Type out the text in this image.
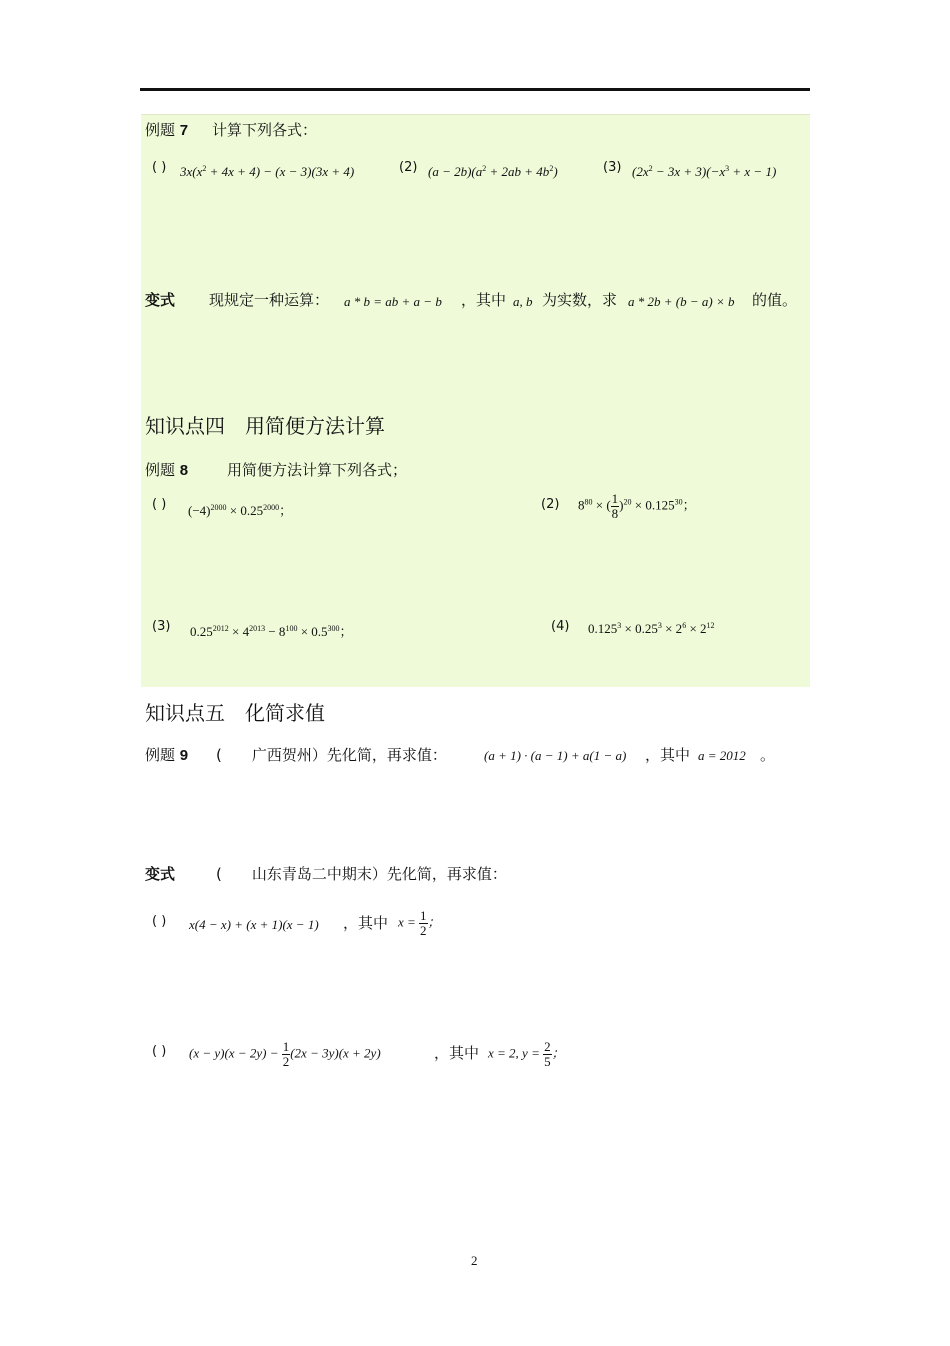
例题 7 计算下列各式：
( ) $3x(x^2 + 4x + 4) - (x - 3)(3x + 4)$	(2) $(a - 2b)(a^2 + 2ab + 4b^2)$	(3) $(2x^2 - 3x + 3)(-x^3 + x - 1)$
变式 现规定一种运算： a * b = ab + a − b ，其中 a, b 为实数，求 a * 2b + (b − a) × b 的值。
知识点四　用简便方法计算
例题 8	用简便方法计算下列各式；
( ) $(-4)^{2000} \times 0.25^{2000}$；	(2) $8^{80}$ × ( $\frac{1}{8} )^{20} \times 0.125^{30}$；
(3) $0.25^{2012} \times 4^{2013} - 8^{100} \times 0.5^{300}$；	(4) $0.125^3 \times 0.25^3 \times 2^6 \times 2^{12}$
知识点五　化简求值
例题 9 (　　广西贺州）先化简，再求值：	(a + 1) · (a − 1) + a(1 − a) ，其中 a = 2012 。
变式	(　　山东青岛二中期末）先化简，再求值：
( ) x(4 − x) + (x + 1)(x − 1) ，其中 $x = \frac{1}{2}$ ；
( ) $(x - y)(x - 2y) - \frac{1}{2} (2x - 3y)(x + 2y)$	，其中 x = 2, $y = \frac{2}{5}$ ；
2
